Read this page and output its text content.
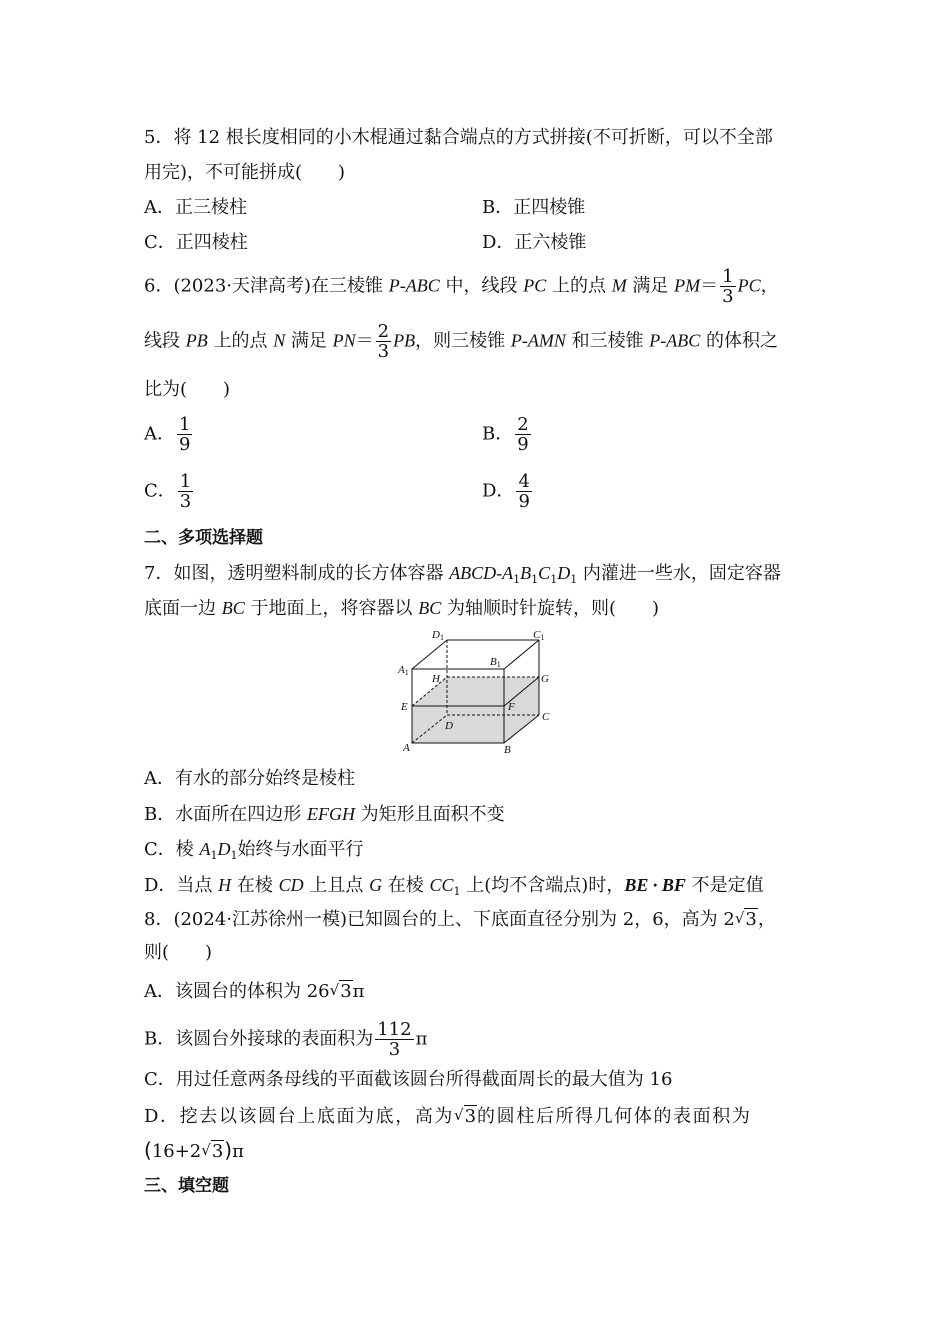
5．将 12 根长度相同的小木棍通过黏合端点的方式拼接(不可折断，可以不全部
用完)，不可能拼成(　　)
A．正三棱柱	B．正四棱锥
C．正四棱柱	D．正六棱锥
6．(2023·天津高考)在三棱锥 P-ABC 中，线段 PC 上的点 M 满足 $PM= \frac{1}{3}$ PC，
线段 PB 上的点 N 满足 $PN= \frac{2}{3}$ PB，则三棱锥 P-AMN 和三棱锥 P-ABC 的体积之
比为(　　)
A． $\frac{1}{9}$	B． $\frac{2}{9}$
C． $\frac{1}{3}$	D． $\frac{4}{9}$
二、多项选择题
7．如图，透明塑料制成的长方体容器 ABCD-$A_1B_1C_1D_1$ 内灌进一些水，固定容器
底面一边 BC 于地面上，将容器以 BC 为轴顺时针旋转，则(　　)
D1	C1
A1
B1
H	G
E	F
C
D
A	B
A．有水的部分始终是棱柱
B．水面所在四边形 EFGH 为矩形且面积不变
C．棱 $A_1D_1$始终与水面平行
D．当点 H 在棱 CD 上且点 G 在棱 $CC_1$ 上(均不含端点)时，BE · BF 不是定值
8．(2024·江苏徐州一模)已知圆台的上、下底面直径分别为 2，6，高为 2√3，
则(　　)
A．该圆台的体积为 26√3π
B．该圆台外接球的表面积为 $\frac{112}{3}$ π
C．用过任意两条母线的平面截该圆台所得截面周长的最大值为 16
D．挖去以该圆台上底面为底，高为√3的圆柱后所得几何体的表面积为
(16+2√3)π
三、填空题
